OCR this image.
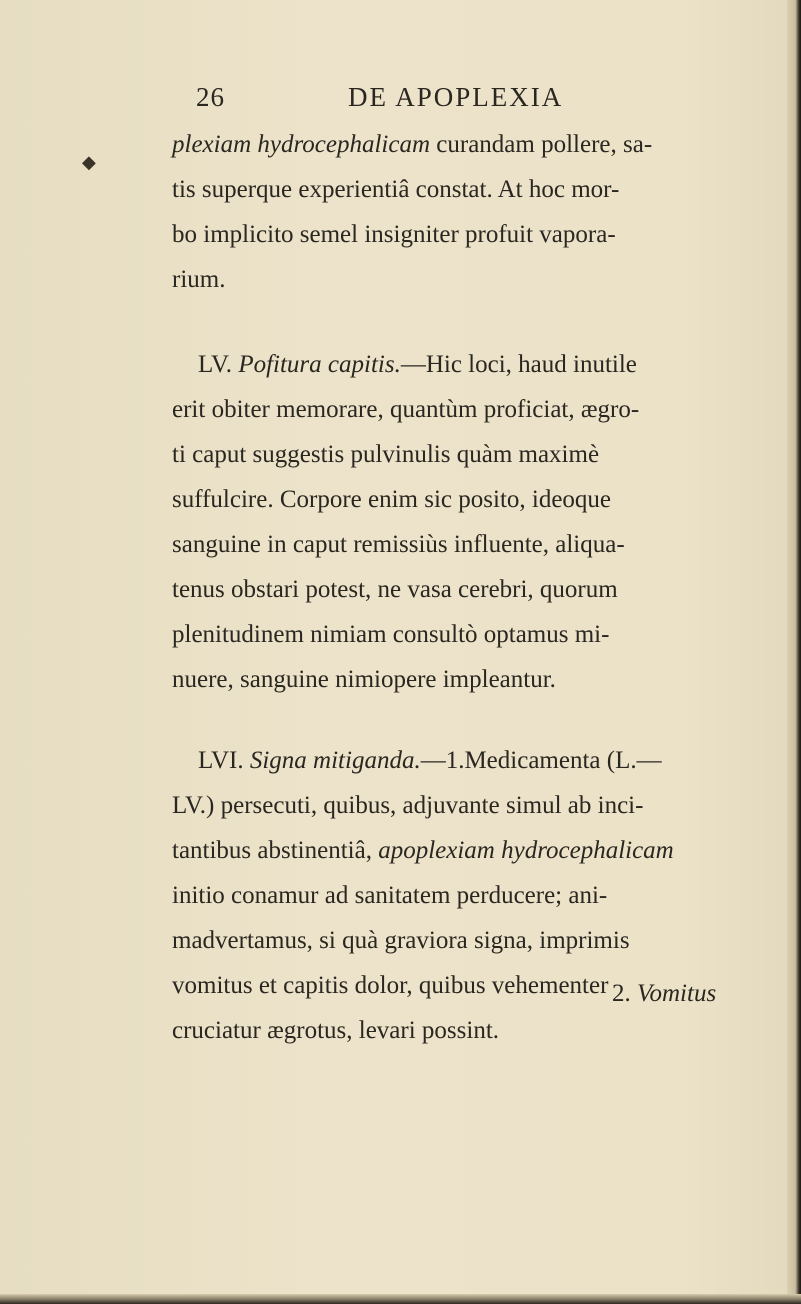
◆
26	DE APOPLEXIA
plexiam hydrocephalicam curandam pollere, sa-
tis superque experientiâ constat. At hoc mor-
bo implicito semel insigniter profuit vapora-
rium.
LV. Pofitura capitis.—Hic loci, haud inutile
erit obiter memorare, quantùm proficiat, ægro-
ti caput suggestis pulvinulis quàm maximè
suffulcire. Corpore enim sic posito, ideoque
sanguine in caput remissiùs influente, aliqua-
tenus obstari potest, ne vasa cerebri, quorum
plenitudinem nimiam consultò optamus mi-
nuere, sanguine nimiopere impleantur.
LVI. Signa mitiganda.—1.Medicamenta (L.—
LV.) persecuti, quibus, adjuvante simul ab inci-
tantibus abstinentiâ, apoplexiam hydrocephalicam
initio conamur ad sanitatem perducere; ani-
madvertamus, si quà graviora signa, imprimis
vomitus et capitis dolor, quibus vehementer
cruciatur ægrotus, levari possint.
2. Vomitus
